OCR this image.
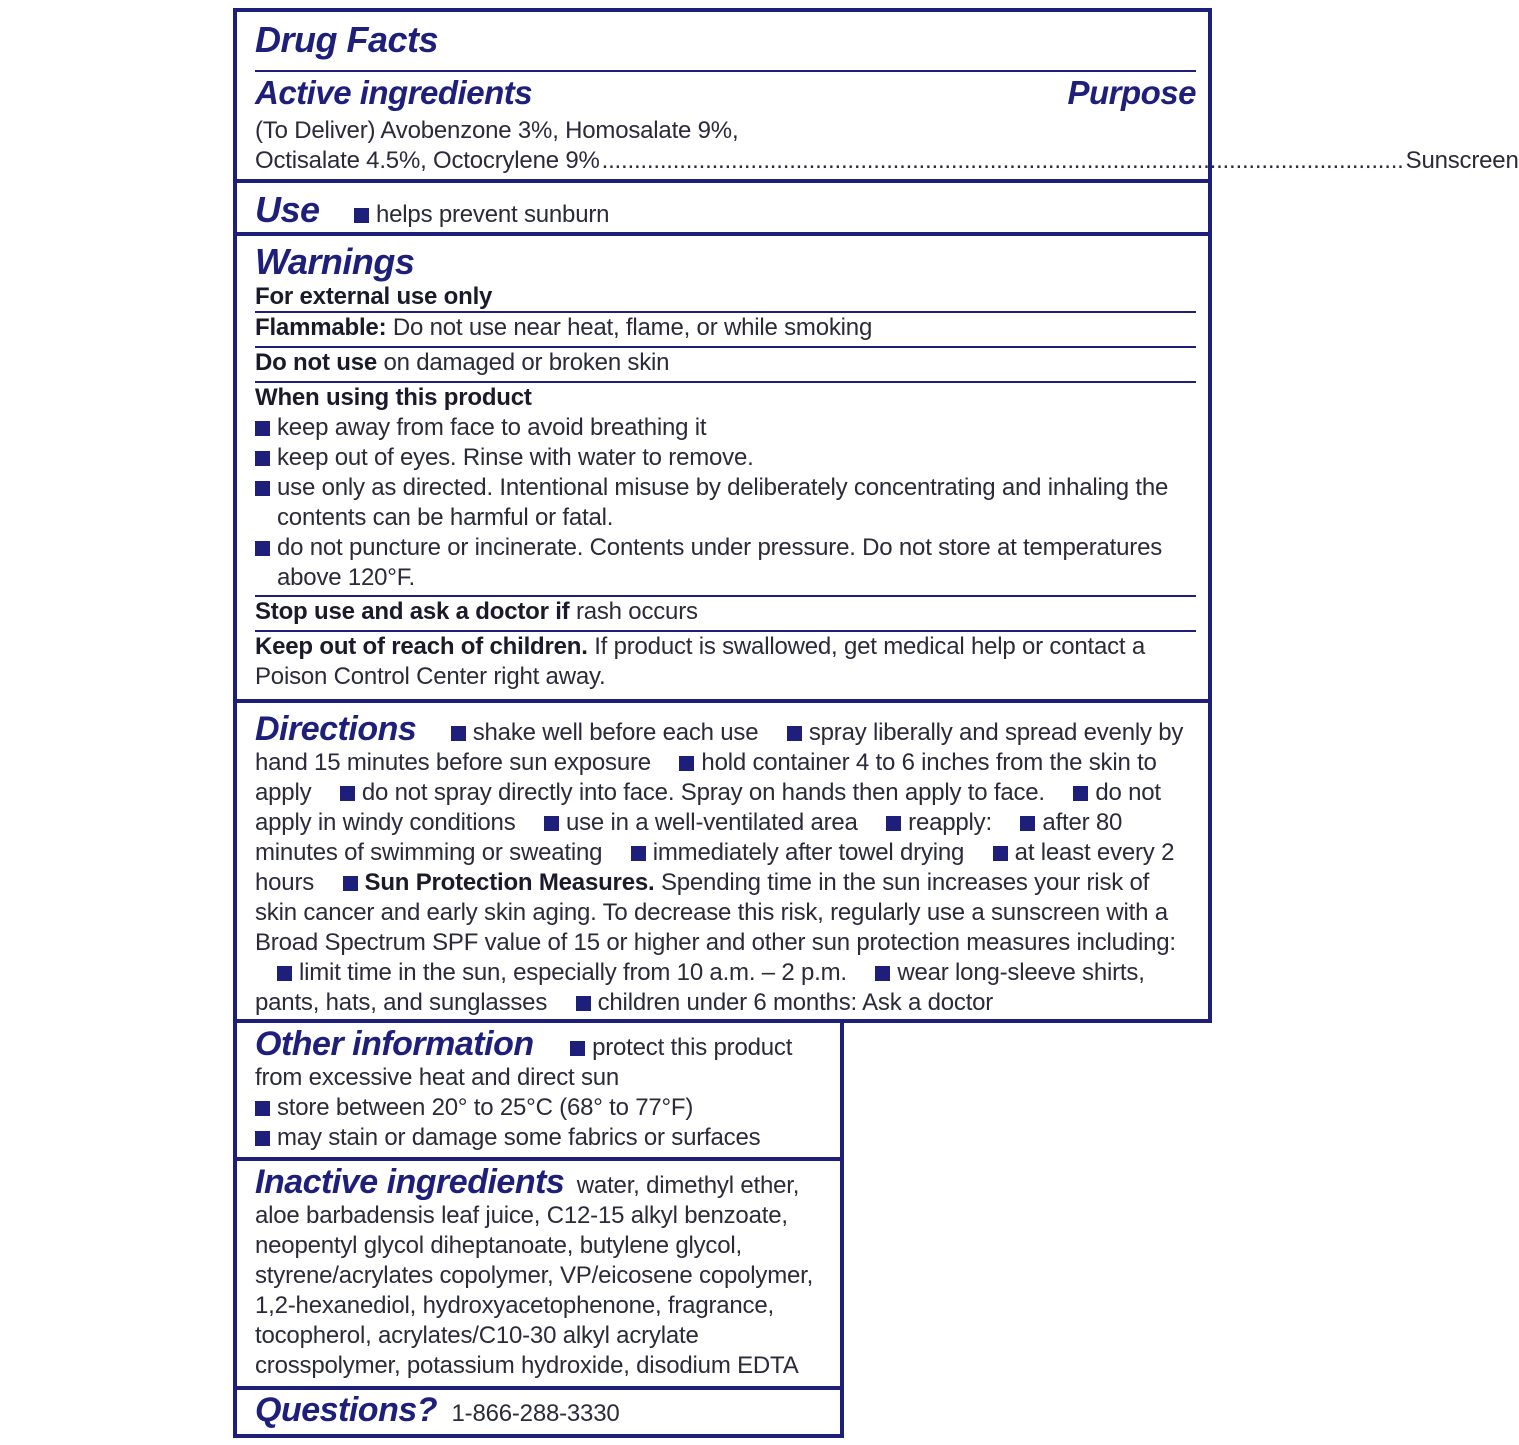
Drug Facts
Active ingredients	Purpose
(To Deliver) Avobenzone 3%, Homosalate 9%,
Octisalate 4.5%, Octocrylene 9% ............................................................................................................................ Sunscreen
Use helps prevent sunburn
Warnings
For external use only
Flammable: Do not use near heat, flame, or while smoking
Do not use on damaged or broken skin
When using this product
keep away from face to avoid breathing it
keep out of eyes. Rinse with water to remove.
use only as directed. Intentional misuse by deliberately concentrating and inhaling the contents can be harmful or fatal.
do not puncture or incinerate. Contents under pressure. Do not store at temperatures above 120°F.
Stop use and ask a doctor if rash occurs
Keep out of reach of children. If product is swallowed, get medical help or contact a Poison Control Center right away.
Directions shake well before each use spray liberally and spread evenly by hand 15 minutes before sun exposure hold container 4 to 6 inches from the skin to apply do not spray directly into face. Spray on hands then apply to face. do not apply in windy conditions use in a well-ventilated area reapply: after 80 minutes of swimming or sweating immediately after towel drying at least every 2 hours Sun Protection Measures. Spending time in the sun increases your risk of skin cancer and early skin aging. To decrease this risk, regularly use a sunscreen with a Broad Spectrum SPF value of 15 or higher and other sun protection measures including: limit time in the sun, especially from 10 a.m. – 2 p.m. wear long-sleeve shirts, pants, hats, and sunglasses children under 6 months: Ask a doctor
Other information protect this product from excessive heat and direct sun
store between 20° to 25°C (68° to 77°F)
may stain or damage some fabrics or surfaces
Inactive ingredients water, dimethyl ether, aloe barbadensis leaf juice, C12-15 alkyl benzoate, neopentyl glycol diheptanoate, butylene glycol, styrene/acrylates copolymer, VP/eicosene copolymer, 1,2-hexanediol, hydroxyacetophenone, fragrance, tocopherol, acrylates/C10-30 alkyl acrylate crosspolymer, potassium hydroxide, disodium EDTA
Questions? 1-866-288-3330
